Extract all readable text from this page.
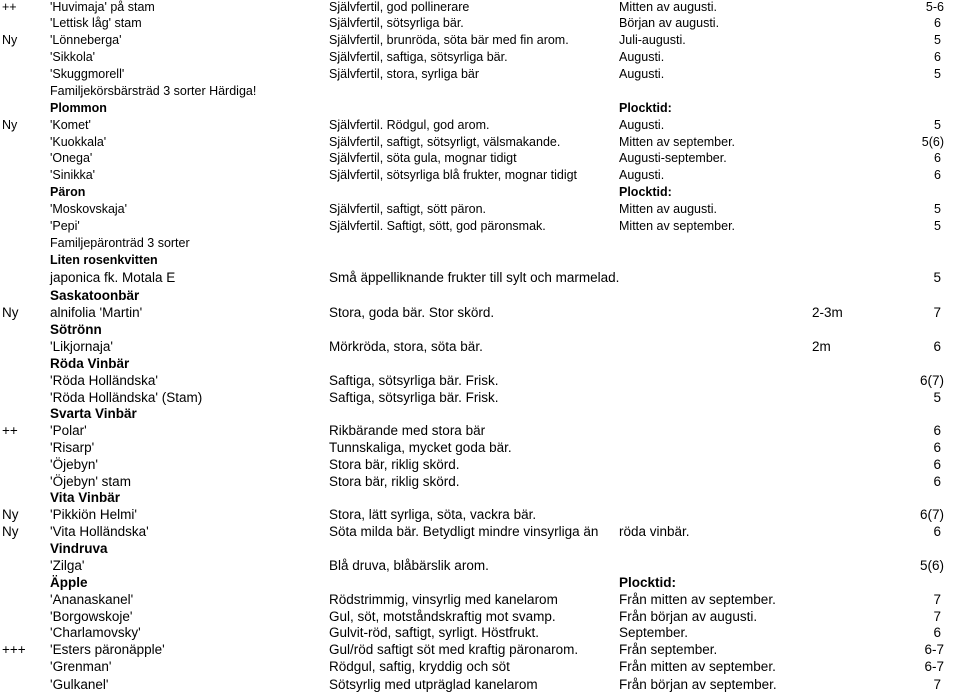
++	'Huvimaja' på stam	Självfertil, god pollinerare	Mitten av augusti.	5-6
'Lettisk låg' stam	Självfertil, sötsyrliga bär.	Början av augusti.	6
Ny	'Lönneberga'	Självfertil, brunröda, söta bär med fin arom.	Juli-augusti.	5
'Sikkola'	Självfertil, saftiga, sötsyrliga bär.	Augusti.	6
'Skuggmorell'	Självfertil, stora, syrliga bär	Augusti.	5
Familjekörsbärsträd 3 sorter Härdiga!
Plommon	Plocktid:
Ny	'Komet'	Självfertil. Rödgul, god arom.	Augusti.	5
'Kuokkala'	Självfertil, saftigt, sötsyrligt, välsmakande.	Mitten av september.	5(6)
'Onega'	Självfertil, söta gula, mognar tidigt	Augusti-september.	6
'Sinikka'	Självfertil, sötsyrliga blå frukter, mognar tidigt	Augusti.	6
Päron	Plocktid:
'Moskovskaja'	Självfertil, saftigt, sött päron.	Mitten av augusti.	5
'Pepi'	Självfertil. Saftigt, sött, god päronsmak.	Mitten av september.	5
Familjepäronträd 3 sorter
Liten rosenkvitten
japonica fk. Motala E	Små äppelliknande frukter till sylt och marmelad.	5
Saskatoonbär
Ny alnifolia 'Martin'	Stora, goda bär. Stor skörd.	2-3m	7
Sötrönn
'Likjornaja'	Mörkröda, stora, söta bär.	2m	6
Röda Vinbär
'Röda Holländska'	Saftiga, sötsyrliga bär. Frisk.	6(7)
'Röda Holländska' (Stam)	Saftiga, sötsyrliga bär. Frisk.	5
Svarta Vinbär
++ 'Polar'	Rikbärande med stora bär	6
'Risarp'	Tunnskaliga, mycket goda bär.	6
'Öjebyn'	Stora bär, riklig skörd.	6
'Öjebyn' stam	Stora bär, riklig skörd.	6
Vita Vinbär
Ny 'Pikkiön Helmi'	Stora, lätt syrliga, söta, vackra bär.	6(7)
Ny 'Vita Holländska'	Söta milda bär. Betydligt mindre vinsyrliga än röda vinbär.	6
Vindruva
'Zilga'	Blå druva, blåbärslik arom.	5(6)
Äpple	Plocktid:
'Ananaskanel'	Rödstrimmig, vinsyrlig med kanelarom	Från mitten av september.	7
'Borgowskoje'	Gul, söt, motståndskraftig mot svamp.	Från början av augusti.	7
'Charlamovsky'	Gulvit-röd, saftigt, syrligt. Höstfrukt.	September.	6
+++ 'Esters päronäpple'	Gul/röd saftigt söt med kraftig päronarom.	Från september.	6-7
'Grenman'	Rödgul, saftig, kryddig och söt	Från mitten av september.	6-7
'Gulkanel'	Sötsyrlig med utpräglad kanelarom	Från början av september.	7
